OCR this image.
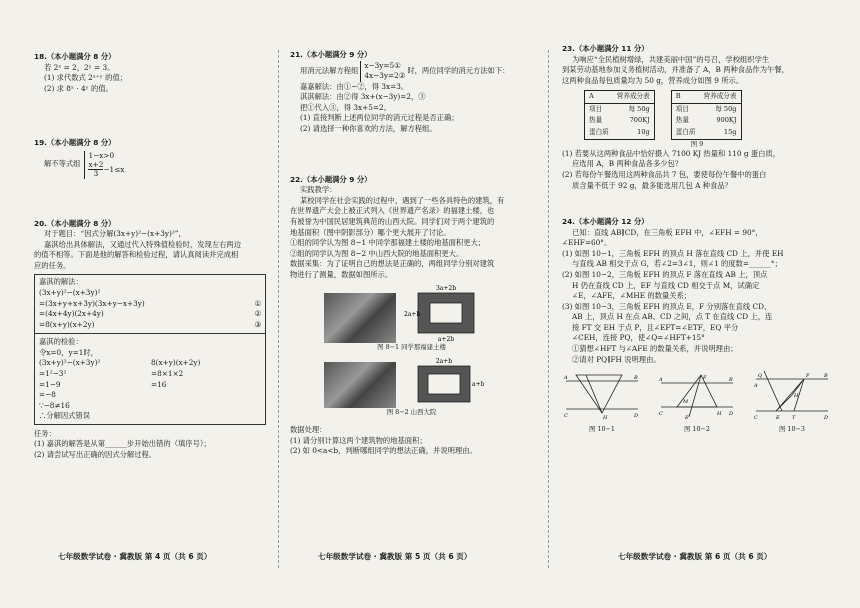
18.（本小题满分 8 分）
若 2ˣ = 2，2ʸ = 3。
(1) 求代数式 2ˣ⁺ʸ 的值；
(2) 求 8ˣ · 4ʸ 的值。
19.（本小题满分 8 分）
解不等式组
1−x>0
$\frac{x+2}{3} -1\le x$
20.（本小题满分 8 分）
对于题目：“因式分解(3x+y)²−(x+3y)²”，
嘉淇给出具体解法，又通过代入特殊值检验时，发现左右两边
的值不相等。下面是他的解答和检验过程，请认真阅读并完成相
应的任务。
嘉淇的解法：
(3x+y)²−(x+3y)²
=(3x+y+x+3y)(3x+y−x+3y)	①
=(4x+4y)(2x+4y)	②
=8(x+y)(x+2y)	③
嘉淇的检验：
令x=0，y=1时，
(3x+y)²−(x+3y)²	8(x+y)(x+2y)
=1²−3²	=8×1×2
=1−9	=16
=−8
∵−8≠16
∴分解因式错误
任务：
(1) 嘉淇的解答是从第______步开始出错的（填序号）；
(2) 请尝试写出正确的因式分解过程。
21.（本小题满分 9 分）
用消元法解方程组
x−3y=5①
4x−3y=2②
时，两位同学的消元方法如下：
嘉嘉解法：由①−②，得 3x=3。
淇淇解法：由②得 3x+(x−3y)=2，③
把①代入③，得 3x+5=2。
(1) 直接判断上述两位同学的消元过程是否正确；
(2) 请选择一种你喜欢的方法，解方程组。
22.（本小题满分 9 分）
实践教学：
某校同学在社会实践的过程中，遇到了一些各具特色的建筑，有
在世界遗产大会上被正式列入《世界遗产名录》的福建土楼，也
有被誉为中国民居建筑典范的山西大院。同学们对于两个建筑的
地基面积（图中阴影部分）哪个更大展开了讨论。
①组的同学认为图 8−1 中同学那福建土楼的地基面积更大；
②组的同学认为图 8−2 中山西大院的地基面积更大。
数据采集：为了证明自己的想法是正确的，两组同学分别对建筑
物进行了测量，数据如图所示。
3a+2b
2a+b
a+2b
图 8−1 同学那福建土楼
2a+b
a+b
图 8−2 山西大院
数据处理：
(1) 请分别计算这两个建筑物的地基面积；
(2) 如 0<a<b，判断哪组同学的想法正确，并说明理由。
23.（本小题满分 11 分）
为响应“全民植树增绿，共建美丽中国”的号召，学校组织学生
到某劳动基地参加义务植树活动，并准备了 A，B 两种食品作为午餐，
这两种食品每包质量均为 50 g，营养成分如图 9 所示。
A	营养成分表
项目	每 50g
热量	700KJ
蛋白质	10g
B	营养成分表
项目	每 50g
热量	900KJ
蛋白质	15g
图 9
(1) 若要从这两种食品中恰好摄入 7100 KJ 热量和 110 g 蛋白质，
应选用 A，B 两种食品各多少包？
(2) 若每份午餐选用这两种食品共 7 包，要使每份午餐中的蛋白
质含量不低于 92 g，最多能选用几包 A 种食品？
24.（本小题满分 12 分）
已知：直线 AB∥CD，在三角板 EFH 中，∠EFH = 90°，
∠EHF=60°。
(1) 如图 10−1，三角板 EFH 的顶点 H 落在直线 CD 上，并使 EH
与直线 AB 相交于点 G，若∠2=3∠1，则∠1 的度数=______°；
(2) 如图 10−2，三角板 EFH 的顶点 F 落在直线 AB 上，顶点
H 仍在直线 CD 上，EF 与直线 CD 相交于点 M，试确定
∠E，∠AFE，∠MHE 的数量关系；
(3) 如图 10−3，三角板 EFH 的顶点 E，F 分别落在直线 CD、
AB 上，顶点 H 在点 AB、CD 之间，点 T 在直线 CD 上，连
接 FT 交 EH 于点 P，且∠EFT=∠ETF，EQ 平分
∠CEH，连接 PQ，使∠Q=∠HFT+15°
①猜想∠HFT 与∠AFE 的数量关系，并说明理由；
②请对 PQ∥FH 说明理由。
A	B
C	D
H
图 10−1
A	B
C	D
F
M
H
E
图 10−2
Q
A
B
C	D
E T
F
H
图 10−3
七年级数学试卷 · 冀教版 第 4 页（共 6 页）	七年级数学试卷 · 冀教版 第 5 页（共 6 页）	七年级数学试卷 · 冀教版 第 6 页（共 6 页）
